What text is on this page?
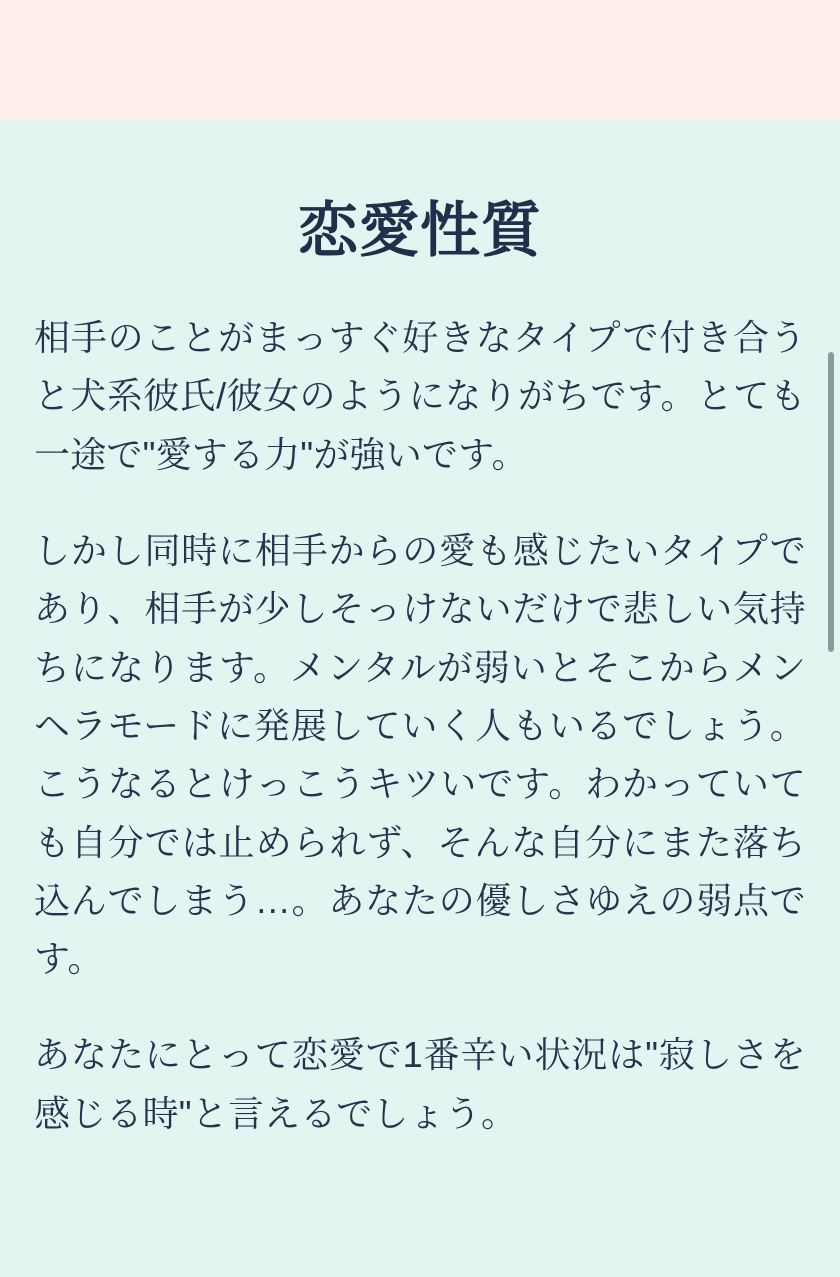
恋愛性質

相手のことがまっすぐ好きなタイプで付き合うと犬系彼氏/彼女のようになりがちです。とても一途で"愛する力"が強いです。

しかし同時に相手からの愛も感じたいタイプであり、相手が少しそっけないだけで悲しい気持ちになります。メンタルが弱いとそこからメンヘラモードに発展していく人もいるでしょう。こうなるとけっこうキツいです。わかっていても自分では止められず、そんな自分にまた落ち込んでしまう…。あなたの優しさゆえの弱点です。

あなたにとって恋愛で1番辛い状況は"寂しさを感じる時"と言えるでしょう。
